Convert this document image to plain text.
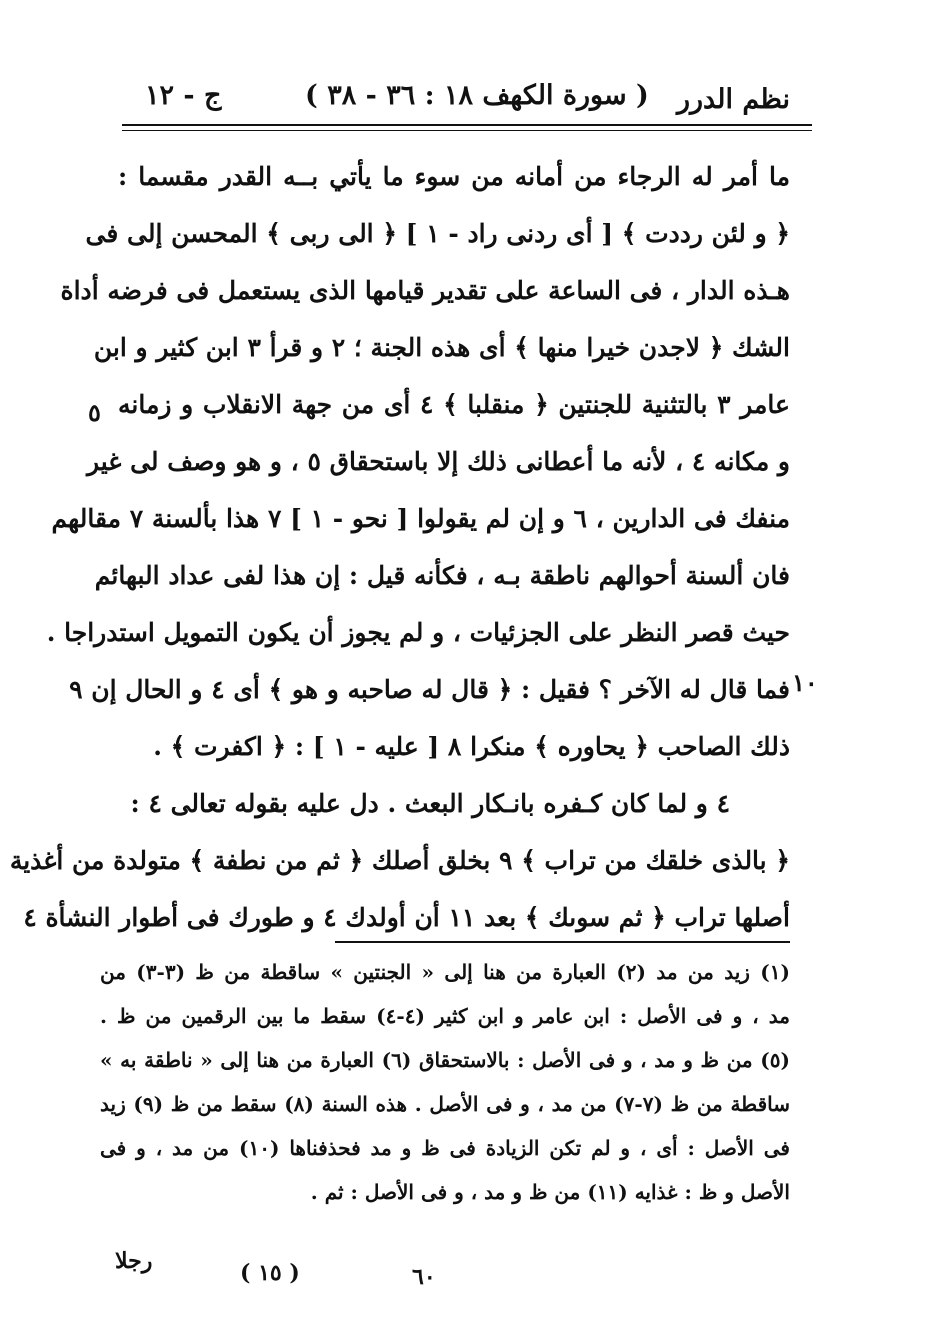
نظم الدرر
( سورة الكهف ١٨ : ٣٦ - ٣٨ )
ج - ١٢
ما أمر له الرجاء من أمانه من سوء ما يأتي بــه القدر مقسما :
﴿ و لئن رددت ﴾ [ أى ردنى راد - ١ ] ﴿ الى ربى ﴾ المحسن إلى فى
هـذه الدار ، فى الساعة على تقدير قيامها الذى يستعمل فى فرضه أداة
الشك ﴿ لاجدن خيرا منها ﴾ أى هذه الجنة ؛ ٢ و قرأ ٣ ابن كثير و ابن
عامر ٣ بالتثنية للجنتين ﴿ منقلبا ﴾ ٤ أى من جهة الانقلاب و زمانه
و مكانه ٤ ، لأنه ما أعطانى ذلك إلا باستحقاق ٥ ، و هو وصف لى غير
منفك فى الدارين ، ٦ و إن لم يقولوا [ نحو - ١ ] ٧ هذا بألسنة ٧ مقالهم
فان ألسنة أحوالهم ناطقة بـه ، فكأنه قيل : إن هذا لفى عداد البهائم
حيث قصر النظر على الجزئيات ، و لم يجوز أن يكون التمويل استدراجا .
فما قال له الآخر ؟ فقيل : ﴿ قال له صاحبه و هو ﴾ أى ٤ و الحال إن ٩
ذلك الصاحب ﴿ يحاوره ﴾ منكرا ٨ [ عليه - ١ ] : ﴿ اكفرت ﴾ .
٤ و لما كان كـفره بانـكار البعث . دل عليه بقوله تعالى ٤ :
﴿ بالذى خلقك من تراب ﴾ ٩ بخلق أصلك ﴿ ثم من نطفة ﴾ متولدة من أغذية
أصلها تراب ﴿ ثم سوىك ﴾ بعد ١١ أن أولدك ٤ و طورك فى أطوار النشأة ٤
٥
١٠
(١) زيد من مد (٢) العبارة من هنا إلى « الجنتين » ساقطة من ظ (٣-٣) من
مد ، و فى الأصل : ابن عامر و ابن كثير (٤-٤) سقط ما بين الرقمين من ظ .
(٥) من ظ و مد ، و فى الأصل : بالاستحقاق (٦) العبارة من هنا إلى « ناطقة به »
ساقطة من ظ (٧-٧) من مد ، و فى الأصل . هذه السنة (٨) سقط من ظ (٩) زيد
فى الأصل : أى ، و لم تكن الزيادة فى ظ و مد فحذفناها (١٠) من مد ، و فى
الأصل و ظ : غذايه (١١) من ظ و مد ، و فى الأصل : ثم .
رجلا	( ١٥ )	٦٠
